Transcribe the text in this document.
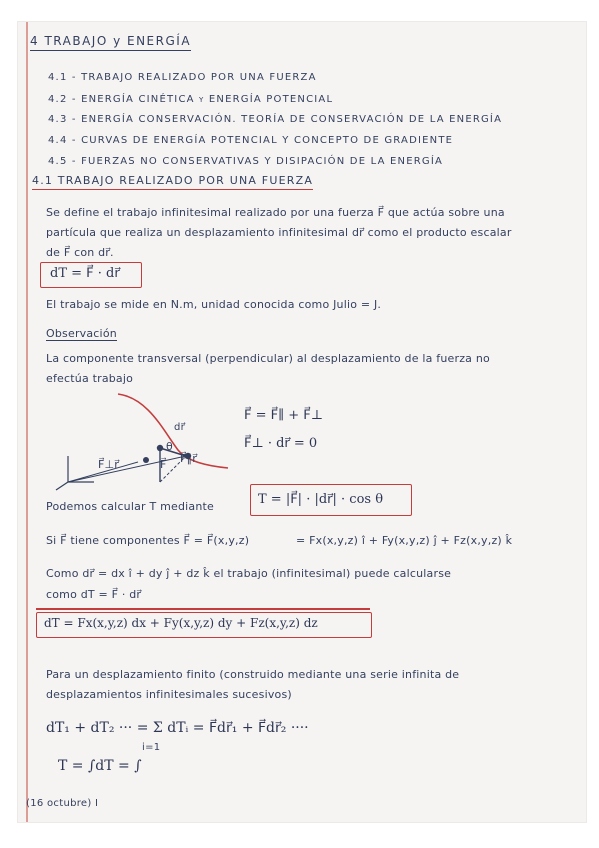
4 TRABAJO y ENERGÍA
4.1 - TRABAJO REALIZADO POR UNA FUERZA
4.2 - ENERGÍA CINÉTICA y ENERGÍA POTENCIAL
4.3 - ENERGÍA CONSERVACIÓN. TEORÍA DE CONSERVACIÓN DE LA ENERGÍA
4.4 - CURVAS DE ENERGÍA POTENCIAL Y CONCEPTO DE GRADIENTE
4.5 - FUERZAS NO CONSERVATIVAS Y DISIPACIÓN DE LA ENERGÍA
4.1 TRABAJO REALIZADO POR UNA FUERZA
Se define el trabajo infinitesimal realizado por una fuerza F⃗ que actúa sobre una
partícula que realiza un desplazamiento infinitesimal dr⃗ como el producto escalar
de F⃗ con dr⃗.
dT = F⃗ · dr⃗
El trabajo se mide en N.m, unidad conocida como Julio = J.
Observación
La componente transversal (perpendicular) al desplazamiento de la fuerza no
efectúa trabajo
θ
F⃗
F⃗⊥r⃗	F⃗∥r⃗
dr⃗
F⃗ = F⃗∥ + F⃗⊥
F⃗⊥ · dr⃗ = 0
Podemos calcular T mediante	T = |F⃗| · |dr⃗| · cos θ
Si F⃗ tiene componentes F⃗ = F⃗(x,y,z)	= Fx(x,y,z) î + Fy(x,y,z) ĵ + Fz(x,y,z) k̂
Como dr⃗ = dx î + dy ĵ + dz k̂ el trabajo (infinitesimal) puede calcularse
como dT = F⃗ · dr⃗
dT = Fx(x,y,z) dx + Fy(x,y,z) dy + Fz(x,y,z) dz
Para un desplazamiento finito (construido mediante una serie infinita de
desplazamientos infinitesimales sucesivos)
dT₁ + dT₂ ··· = Σ dTᵢ = F⃗dr⃗₁ + F⃗dr⃗₂ ····
i=1
T = ∫dT = ∫
(16 octubre) I
